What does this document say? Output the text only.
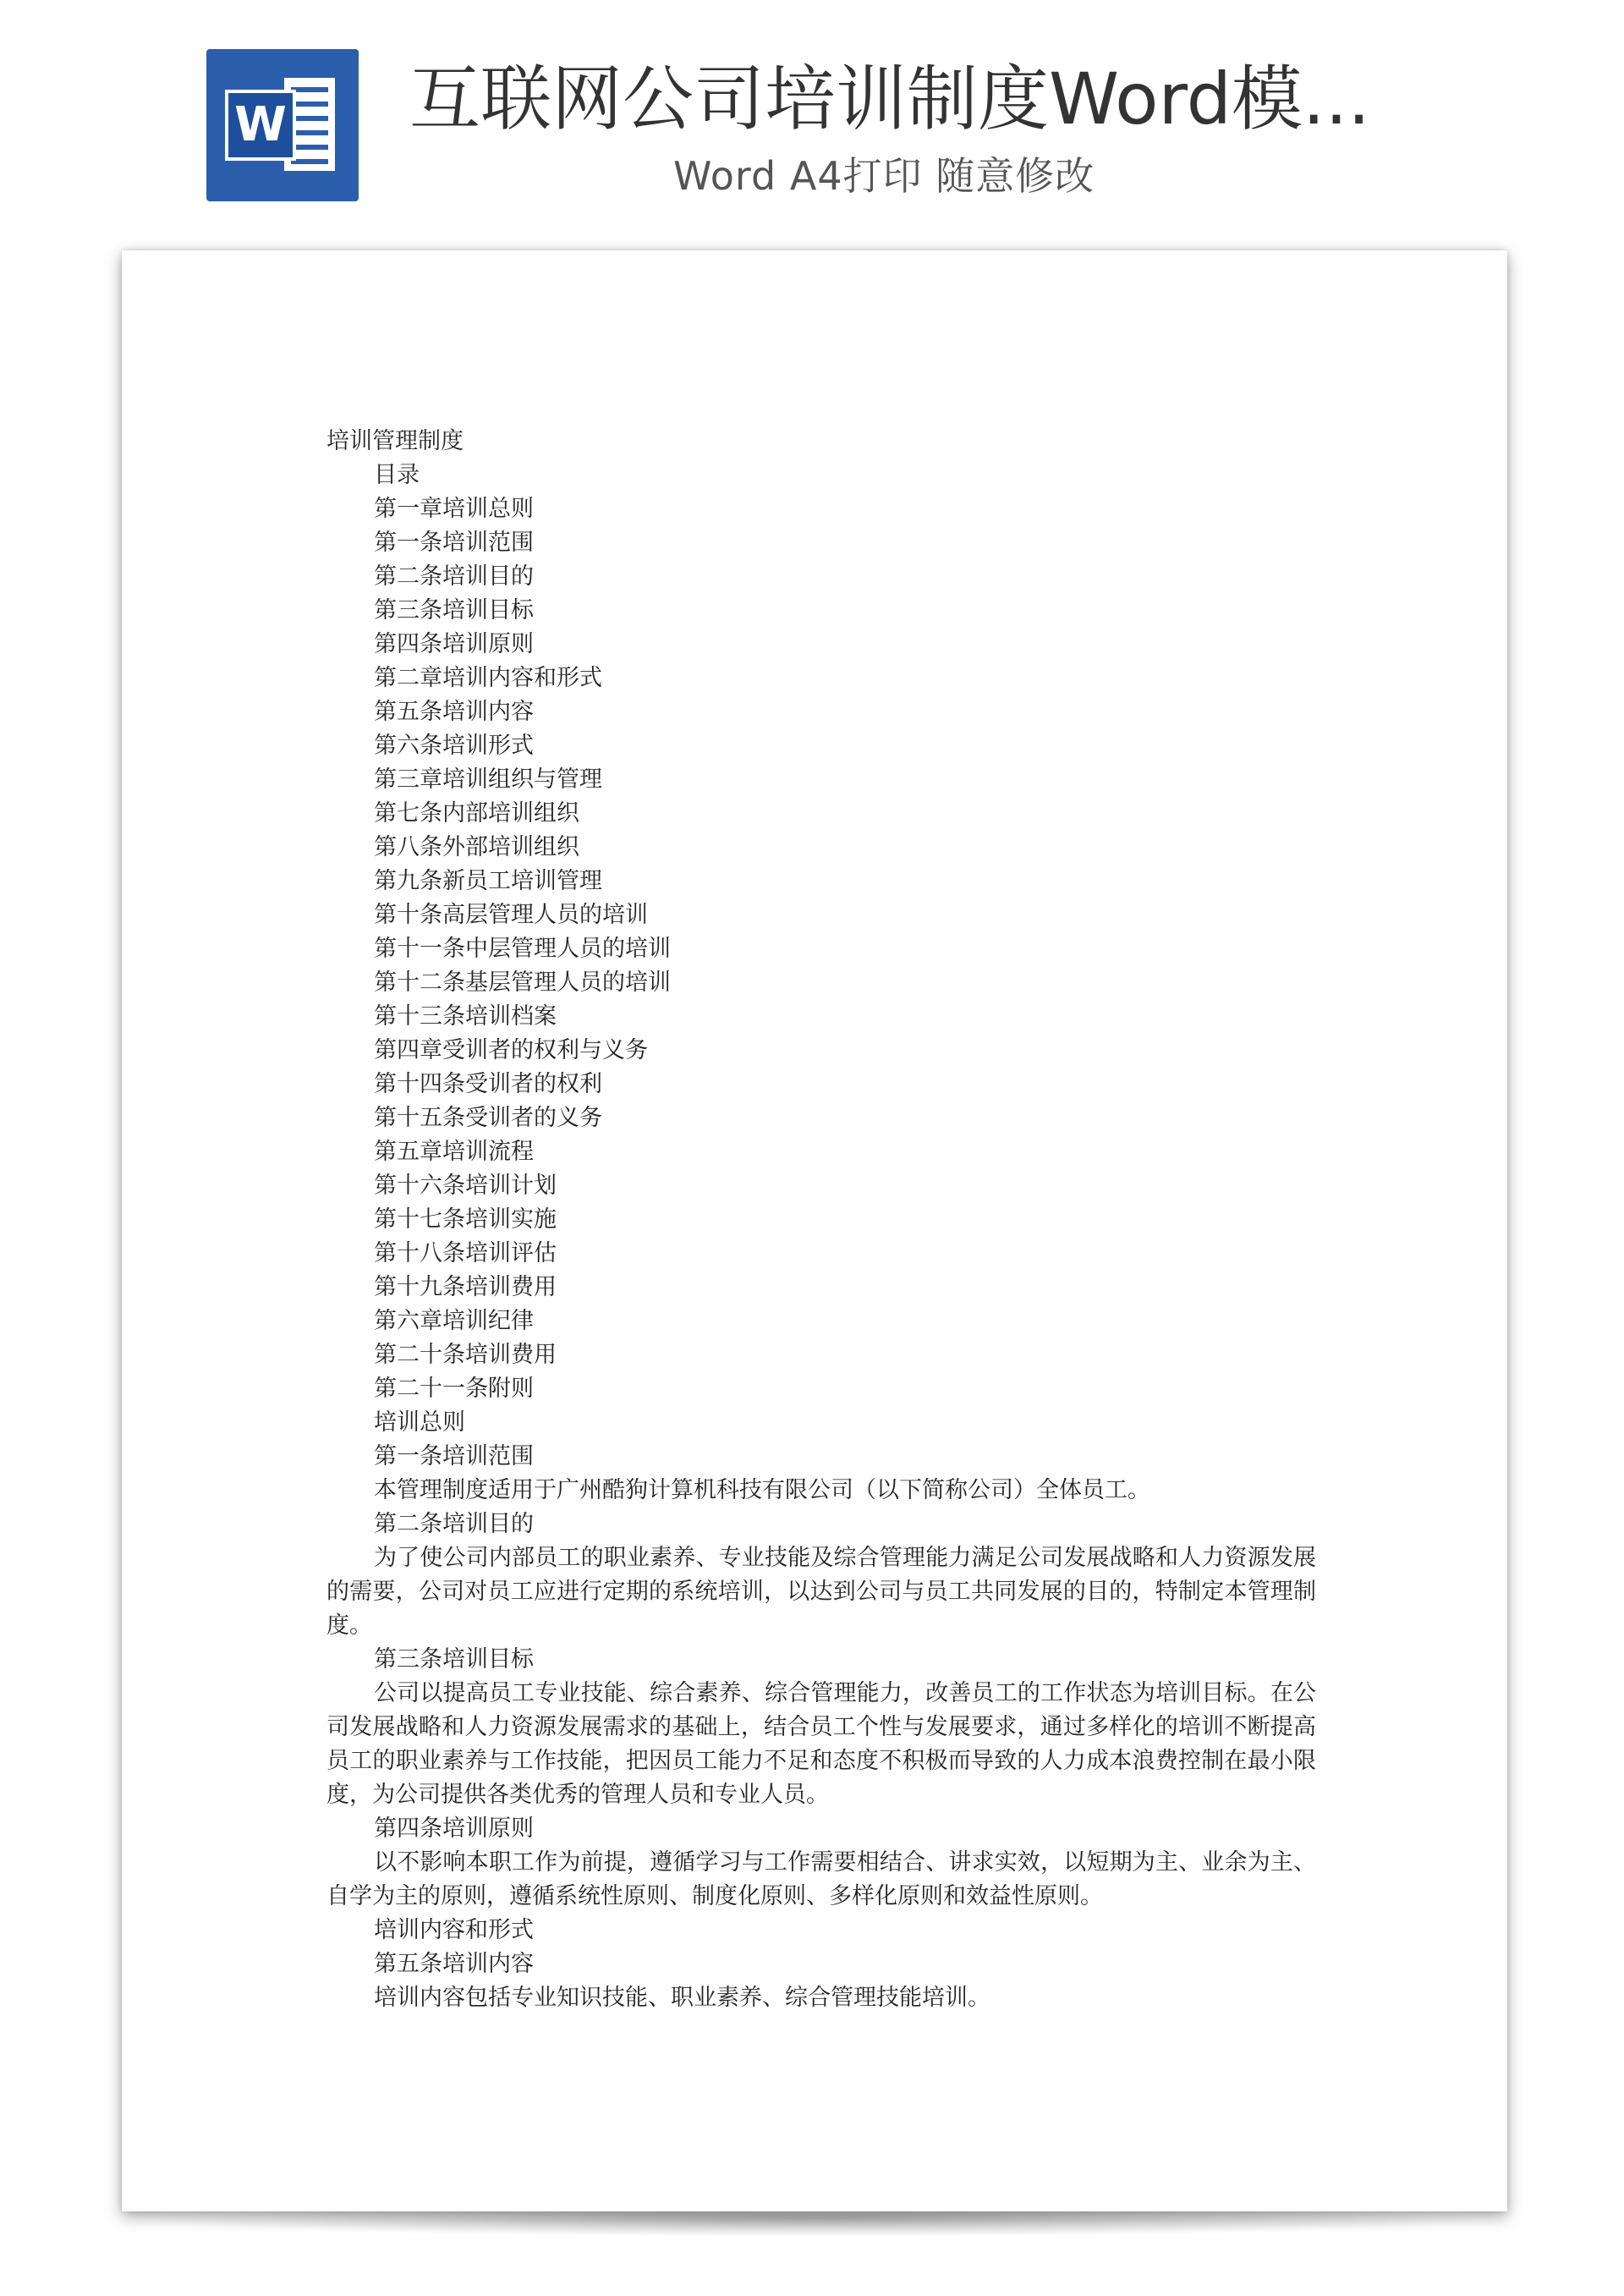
W 互联网公司培训制度Word模...
Word A4打印 随意修改
培训管理制度
目录
第一章培训总则
第一条培训范围
第二条培训目的
第三条培训目标
第四条培训原则
第二章培训内容和形式
第五条培训内容
第六条培训形式
第三章培训组织与管理
第七条内部培训组织
第八条外部培训组织
第九条新员工培训管理
第十条高层管理人员的培训
第十一条中层管理人员的培训
第十二条基层管理人员的培训
第十三条培训档案
第四章受训者的权利与义务
第十四条受训者的权利
第十五条受训者的义务
第五章培训流程
第十六条培训计划
第十七条培训实施
第十八条培训评估
第十九条培训费用
第六章培训纪律
第二十条培训费用
第二十一条附则
培训总则
第一条培训范围
本管理制度适用于广州酷狗计算机科技有限公司（以下简称公司）全体员工。
第二条培训目的
为了使公司内部员工的职业素养、专业技能及综合管理能力满足公司发展战略和人力资源发展的需要，公司对员工应进行定期的系统培训，以达到公司与员工共同发展的目的，特制定本管理制度。
第三条培训目标
公司以提高员工专业技能、综合素养、综合管理能力，改善员工的工作状态为培训目标。在公司发展战略和人力资源发展需求的基础上，结合员工个性与发展要求，通过多样化的培训不断提高员工的职业素养与工作技能，把因员工能力不足和态度不积极而导致的人力成本浪费控制在最小限度，为公司提供各类优秀的管理人员和专业人员。
第四条培训原则
以不影响本职工作为前提，遵循学习与工作需要相结合、讲求实效，以短期为主、业余为主、自学为主的原则，遵循系统性原则、制度化原则、多样化原则和效益性原则。
培训内容和形式
第五条培训内容
培训内容包括专业知识技能、职业素养、综合管理技能培训。
